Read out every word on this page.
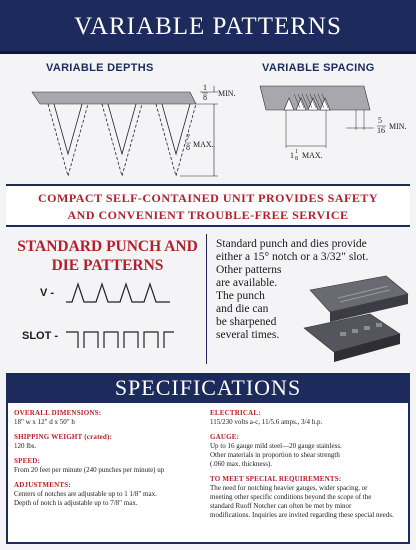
VARIABLE PATTERNS
VARIABLE DEPTHS
1
8 MIN.
7
8 MAX.
VARIABLE SPACING
5
16 MIN.
1 1
8 MAX.
COMPACT SELF-CONTAINED UNIT PROVIDES SAFETY
AND CONVENIENT TROUBLE-FREE SERVICE
STANDARD PUNCH AND
DIE PATTERNS
V -
SLOT -
Standard punch and dies provide
either a 15° notch or a 3/32" slot.
Other patterns
are available.
The punch
and die can
be sharpened
several times.
SPECIFICATIONS
OVERALL DIMENSIONS:
18" w x 12" d x 50" h
SHIPPING WEIGHT (crated):
120 lbs.
SPEED:
From 20 feet per minute (240 punches per minute) up
ADJUSTMENTS:
Centers of notches are adjustable up to 1 1/8" max.
Depth of notch is adjustable up to 7/8" max.
ELECTRICAL:
115/230 volts a-c, 11/5.6 amps., 3/4 h.p.
GAUGE:
Up to 16 gauge mild steel—20 gauge stainless.
Other materials in proportion to shear strength
(.060 max. thickness).
TO MEET SPECIAL REQUIREMENTS:
The need for notching heavier gauges, wider spacing, or
meeting other specific conditions beyond the scope of the
standard Ruoff Notcher can often be met by minor
modifications. Inquiries are invited regarding these special needs.
